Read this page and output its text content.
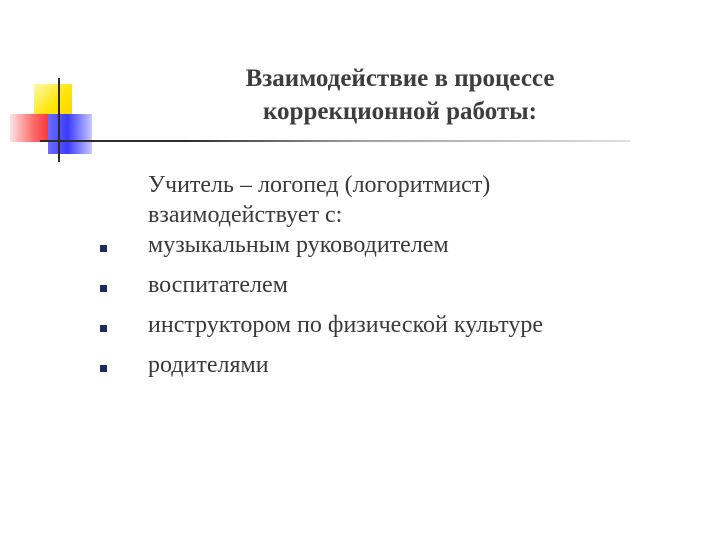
Взаимодействие в процессе
коррекционной работы:
Учитель – логопед (логоритмист)
взаимодействует с:
музыкальным руководителем
воспитателем
инструктором по физической культуре
родителями
